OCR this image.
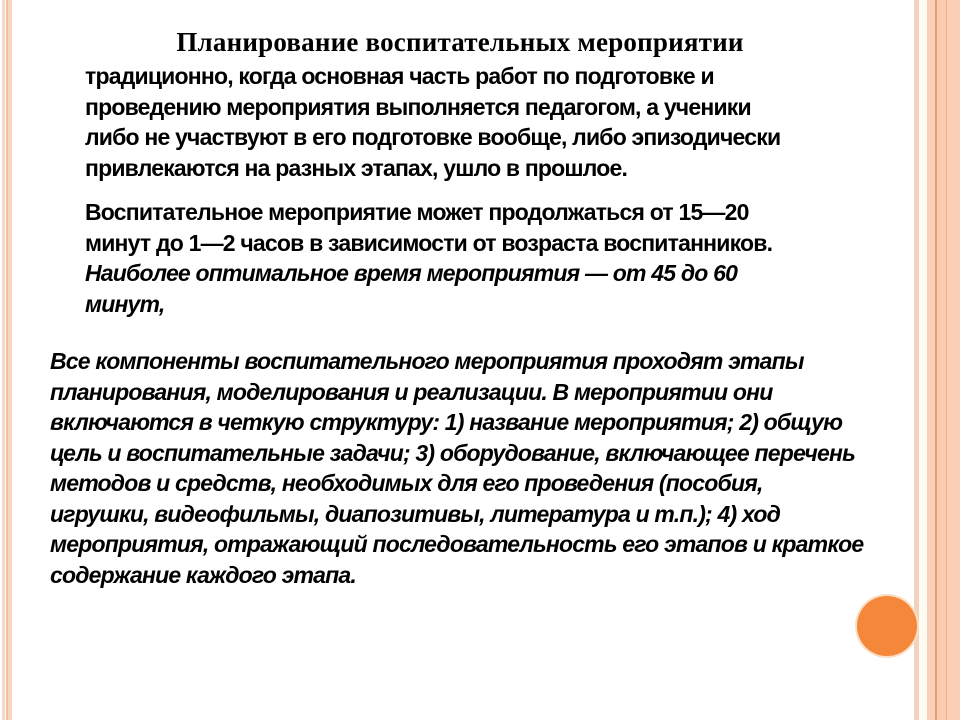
Планирование воспитательных мероприятии
традиционно, когда основная часть работ по подготовке и проведению мероприятия выполняется педагогом, а ученики либо не участвуют в его подготовке вообще, либо эпизодически привлекаются на разных этапах, ушло в прошлое.
Воспитательное мероприятие может продолжаться от 15—20 минут до 1—2 часов в зависимости от возраста воспитанников. Наиболее оптимальное время мероприятия — от 45 до 60 минут,
Все компоненты воспитательного мероприятия проходят этапы планирования, моделирования и реализации. В мероприятии они включаются в четкую структуру: 1) название мероприятия; 2) общую цель и воспитательные задачи; 3) оборудование, включающее перечень методов и средств, необходимых для его проведения (пособия, игрушки, видеофильмы, диапозитивы, литература и т.п.); 4) ход мероприятия, отражающий последовательность его этапов и краткое содержание каждого этапа.
